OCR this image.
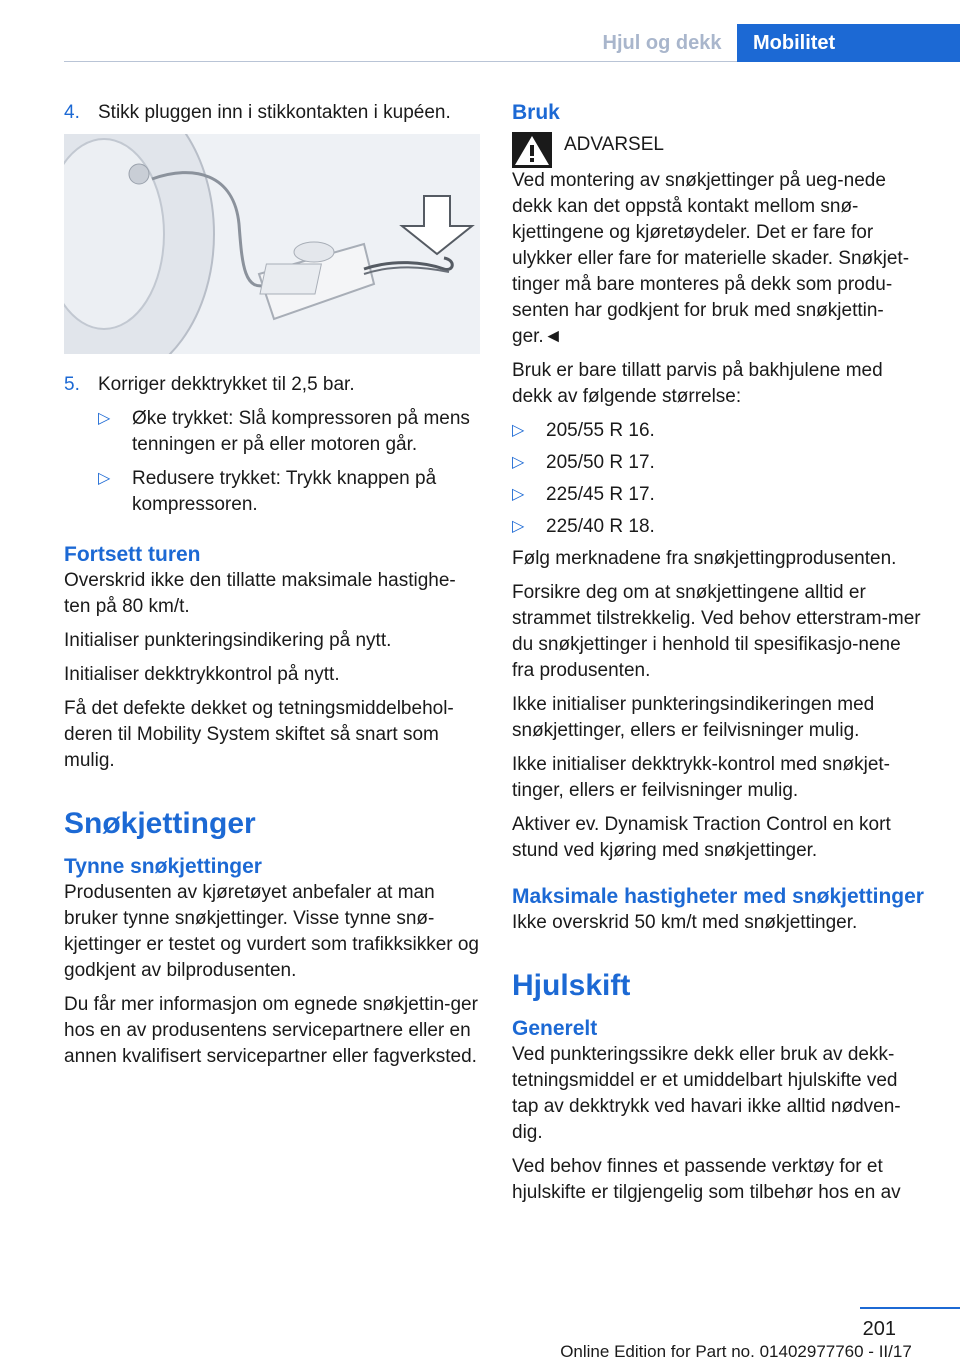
Hjul og dekk	Mobilitet
4. Stikk pluggen inn i stikkontakten i kupéen.
5. Korriger dekktrykket til 2,5 bar.
▷	Øke trykket: Slå kompressoren på mens tenningen er på eller motoren går.
▷	Redusere trykket: Trykk knappen på kompressoren.
Fortsett turen

Overskrid ikke den tillatte maksimale hastighe-ten på 80 km/t.

Initialiser punkteringsindikering på nytt.

Initialiser dekktrykkontrol på nytt.

Få det defekte dekket og tetningsmiddelbehol-deren til Mobility System skiftet så snart som mulig.

Snøkjettinger
Tynne snøkjettinger

Produsenten av kjøretøyet anbefaler at man bruker tynne snøkjettinger. Visse tynne snø-kjettinger er testet og vurdert som trafikksikker og godkjent av bilprodusenten.

Du får mer informasjon om egnede snøkjettin-ger hos en av produsentens servicepartnere eller en annen kvalifisert servicepartner eller fagverksted.

Bruk
ADVARSEL

Ved montering av snøkjettinger på ueg-nede dekk kan det oppstå kontakt mellom snø-kjettingene og kjøretøydeler. Det er fare for ulykker eller fare for materielle skader. Snøkjet-tinger må bare monteres på dekk som produ-senten har godkjent for bruk med snøkjettin-ger.◄

Bruk er bare tillatt parvis på bakhjulene med dekk av følgende størrelse:

▷	205/55 R 16.
▷	205/50 R 17.
▷	225/45 R 17.
▷	225/40 R 18.

Følg merknadene fra snøkjettingprodusenten.

Forsikre deg om at snøkjettingene alltid er strammet tilstrekkelig. Ved behov etterstram-mer du snøkjettinger i henhold til spesifikasjo-nene fra produsenten.

Ikke initialiser punkteringsindikeringen med snøkjettinger, ellers er feilvisninger mulig.

Ikke initialiser dekktrykk-kontrol med snøkjet-tinger, ellers er feilvisninger mulig.

Aktiver ev. Dynamisk Traction Control en kort stund ved kjøring med snøkjettinger.

Maksimale hastigheter med snøkjettinger

Ikke overskrid 50 km/t med snøkjettinger.

Hjulskift
Generelt

Ved punkteringssikre dekk eller bruk av dekk-tetningsmiddel er et umiddelbart hjulskifte ved tap av dekktrykk ved havari ikke alltid nødven-dig.

Ved behov finnes et passende verktøy for et hjulskifte er tilgjengelig som tilbehør hos en av

201
Online Edition for Part no. 01402977760 - II/17
